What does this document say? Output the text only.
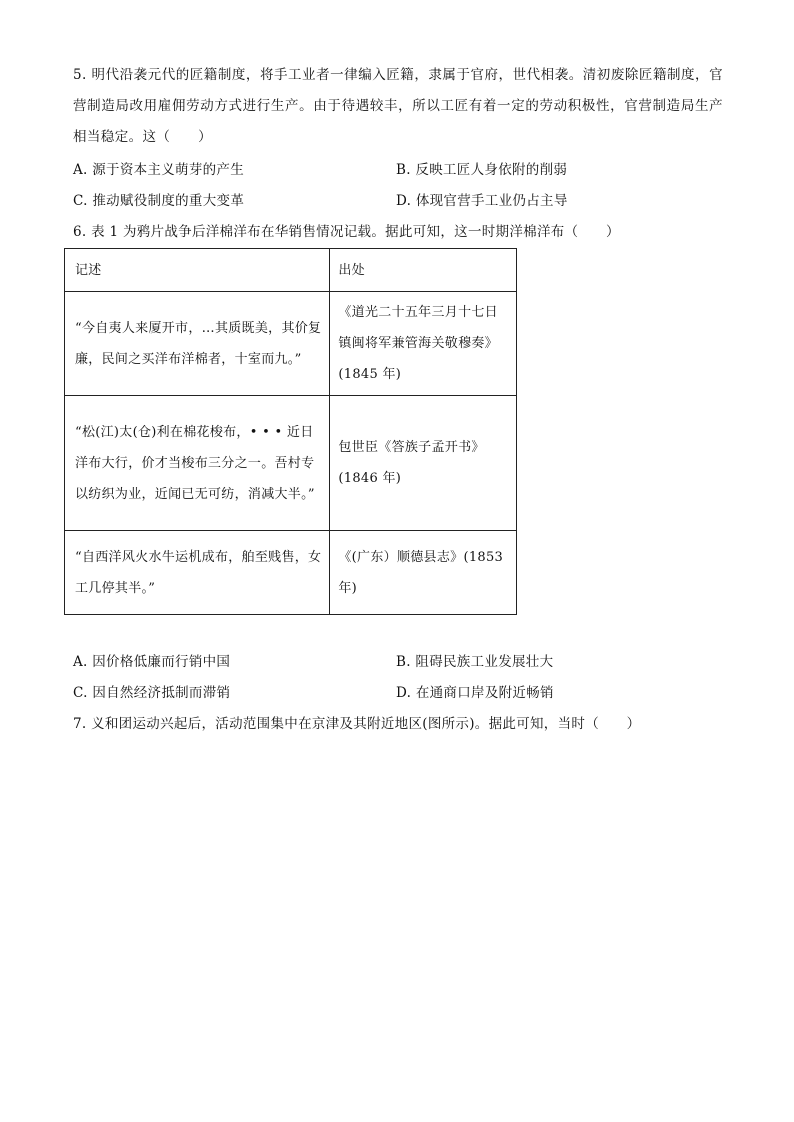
5. 明代沿袭元代的匠籍制度，将手工业者一律编入匠籍，隶属于官府，世代相袭。清初废除匠籍制度，官营制造局改用雇佣劳动方式进行生产。由于待遇较丰，所以工匠有着一定的劳动积极性，官营制造局生产相当稳定。这（　　）
A. 源于资本主义萌芽的产生	B. 反映工匠人身依附的削弱
C. 推动赋役制度的重大变革	D. 体现官营手工业仍占主导
6. 表 1 为鸦片战争后洋棉洋布在华销售情况记载。据此可知，这一时期洋棉洋布（　　）
记述	出处
“今自夷人来厦开市，…其质既美，其价复廉，民间之买洋布洋棉者，十室而九。”	《道光二十五年三月十七日镇闽将军兼管海关敬穆奏》(1845 年)
“松(江)太(仓)利在棉花梭布，• • • 近日洋布大行，价才当梭布三分之一。吾村专以纺织为业，近闻已无可纺，消减大半。”	包世臣《答族子孟开书》(1846 年)
“自西洋风火水牛运机成布，舶至贱售，女工几停其半。”	《(广东）顺德县志》(1853 年)
A. 因价格低廉而行销中国	B. 阻碍民族工业发展壮大
C. 因自然经济抵制而滞销	D. 在通商口岸及附近畅销
7. 义和团运动兴起后，活动范围集中在京津及其附近地区(图所示)。据此可知，当时（　　）
